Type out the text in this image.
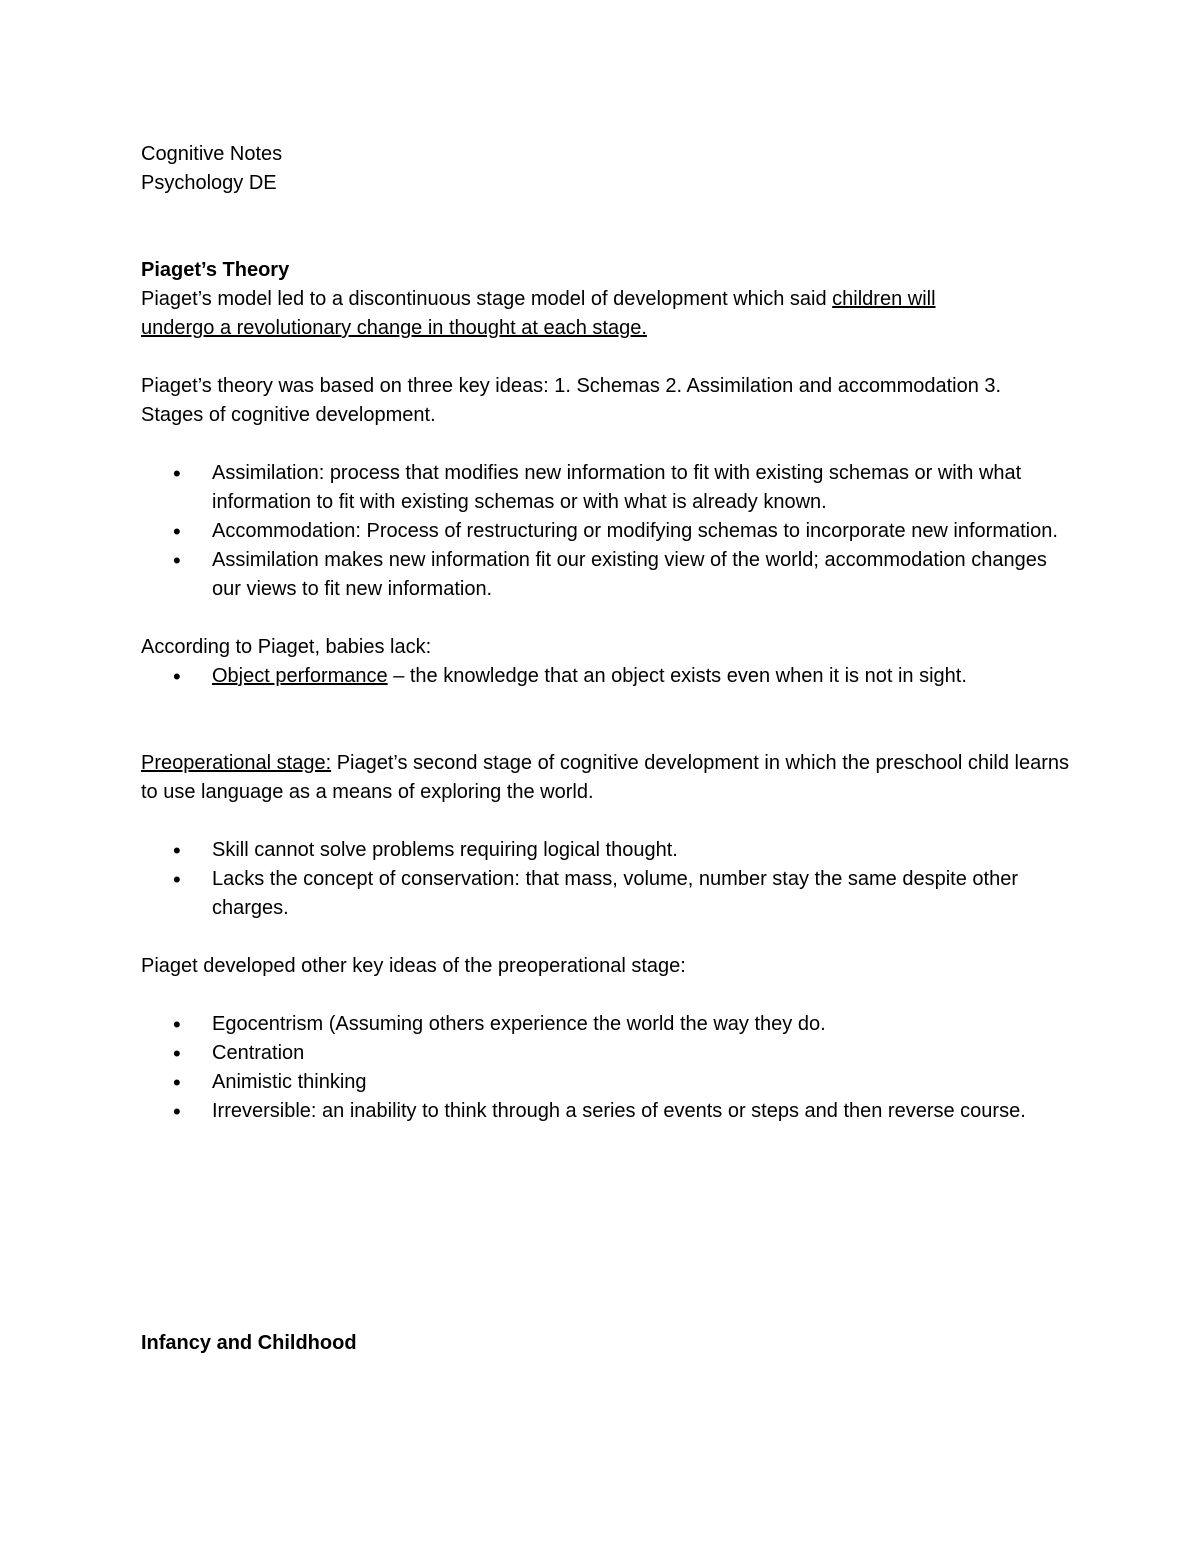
Cognitive Notes

Psychology DE

Piaget’s Theory

Piaget’s model led to a discontinuous stage model of development which said children will

undergo a revolutionary change in thought at each stage.

Piaget’s theory was based on three key ideas: 1. Schemas 2. Assimilation and accommodation 3.

Stages of cognitive development.

• Assimilation: process that modifies new information to fit with existing schemas or with what information to fit with existing schemas or with what is already known.
• Accommodation: Process of restructuring or modifying schemas to incorporate new information.
• Assimilation makes new information fit our existing view of the world; accommodation changes our views to fit new information.

According to Piaget, babies lack:

• Object performance – the knowledge that an object exists even when it is not in sight.

Preoperational stage: Piaget’s second stage of cognitive development in which the preschool child learns to use language as a means of exploring the world.

• Skill cannot solve problems requiring logical thought.
• Lacks the concept of conservation: that mass, volume, number stay the same despite other charges.

Piaget developed other key ideas of the preoperational stage:

• Egocentrism (Assuming others experience the world the way they do.
• Centration
• Animistic thinking
• Irreversible: an inability to think through a series of events or steps and then reverse course.

Infancy and Childhood
